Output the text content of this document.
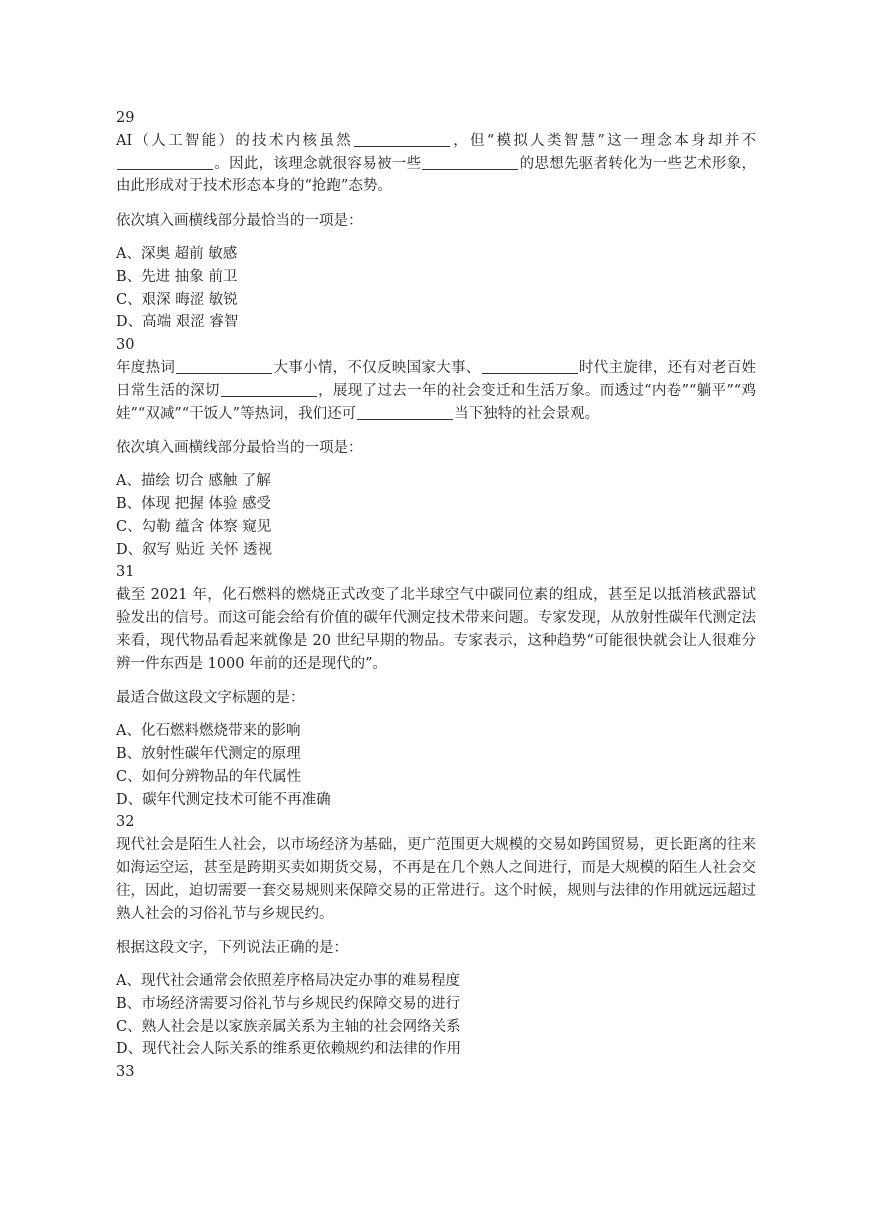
29

AI（人工智能）的技术内核虽然	，但“模拟人类智慧”这一理念本身却并不。因此，该理念就很容易被一些	的思想先驱者转化为一些艺术形象，由此形成对于技术形态本身的“抢跑”态势。

依次填入画横线部分最恰当的一项是：
A、深奥 超前 敏感
B、先进 抽象 前卫
C、艰深 晦涩 敏锐
D、高端 艰涩 睿智
30

年度热词	大事小情，不仅反映国家大事、	时代主旋律，还有对老百姓日常生活的深切	，展现了过去一年的社会变迁和生活万象。而透过“内卷”“躺平”“鸡娃”“双减”“干饭人”等热词，我们还可	当下独特的社会景观。

依次填入画横线部分最恰当的一项是：
A、描绘 切合 感触 了解
B、体现 把握 体验 感受
C、勾勒 蕴含 体察 窥见
D、叙写 贴近 关怀 透视
31

截至 2021 年，化石燃料的燃烧正式改变了北半球空气中碳同位素的组成，甚至足以抵消核武器试验发出的信号。而这可能会给有价值的碳年代测定技术带来问题。专家发现，从放射性碳年代测定法来看，现代物品看起来就像是 20 世纪早期的物品。专家表示，这种趋势“可能很快就会让人很难分辨一件东西是 1000 年前的还是现代的”。

最适合做这段文字标题的是：
A、化石燃料燃烧带来的影响
B、放射性碳年代测定的原理
C、如何分辨物品的年代属性
D、碳年代测定技术可能不再准确
32

现代社会是陌生人社会，以市场经济为基础，更广范围更大规模的交易如跨国贸易，更长距离的往来如海运空运，甚至是跨期买卖如期货交易，不再是在几个熟人之间进行，而是大规模的陌生人社会交往，因此，迫切需要一套交易规则来保障交易的正常进行。这个时候，规则与法律的作用就远远超过熟人社会的习俗礼节与乡规民约。

根据这段文字，下列说法正确的是：
A、现代社会通常会依照差序格局决定办事的难易程度
B、市场经济需要习俗礼节与乡规民约保障交易的进行
C、熟人社会是以家族亲属关系为主轴的社会网络关系
D、现代社会人际关系的维系更依赖规约和法律的作用
33
